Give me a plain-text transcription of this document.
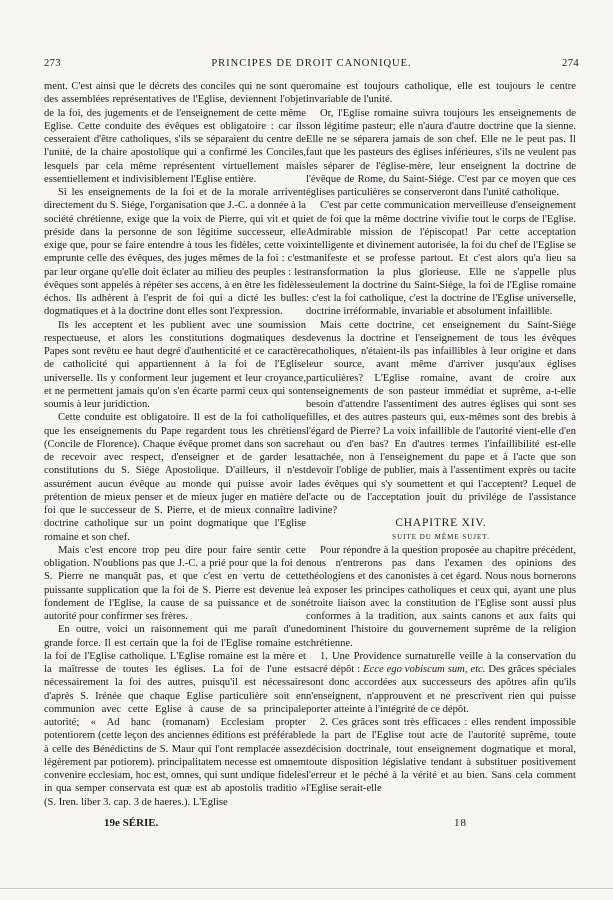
273	PRINCIPES DE DROIT CANONIQUE.	274

ment. C'est ainsi que le décrets des conciles qui ne sont que des assemblées représentatives de l'Eglise, deviennent l'objet de la foi, des jugements et de l'enseignement de cette même Eglise. Cette conduite des évêques est obligatoire : car ils cesseraient d'être catholiques, s'ils se séparaient du centre de l'unité, de la chaire apostolique qui a confirmé les Conciles, lesquels par cela même représentent virtuellement mais essentiellement et indivisiblement l'Eglise entière.

Si les enseignements de la foi et de la morale arrivent directement du S. Siége, l'organisation que J.-C. a donnée à la société chrétienne, exige que la voix de Pierre, qui vit et qui préside dans la personne de son légitime successeur, elle exige que, pour se faire entendre à tous les fidèles, cette voix emprunte celle des évêques, des juges mêmes de la foi : c'est par leur organe qu'elle doit éclater au milieu des peuples : les évêques sont appelés à répéter ses accens, à en être les fidèles échos. Ils adhèrent à l'esprit de foi qui a dicté les bulles dogmatiques et à la doctrine dont elles sont l'expression.

Ils les acceptent et les publient avec une soumission respectueuse, et alors les constitutions dogmatiques des Papes sont revêtu ee haut degré d'authenticité et ce caractère de catholicité qui appartiennent à la foi de l'Eglise universelle. Ils y conforment leur jugement et leur croyance, et ne permettent jamais qu'on s'en écarte parmi ceux qui sont soumis à leur juridiction.

Cette conduite est obligatoire. Il est de la foi catholique que les enseignements du Pape regardent tous les chrétiens (Concile de Florence). Chaque évêque promet dans son sacre de recevoir avec respect, d'enseigner et de garder les constitutions du S. Siége Apostolique. D'ailleurs, il n'est assurément aucun évêque au monde qui puisse avoir la prétention de mieux penser et de mieux juger en matière de foi que le successeur de S. Pierre, et de mieux connaître la doctrine catholique sur un point dogmatique que l'Eglise romaine et son chef.

Mais c'est encore trop peu dire pour faire sentir cette obligation. N'oublions pas que J.-C. a prié pour que la foi de S. Pierre ne manquât pas, et que c'est en vertu de cette puissante supplication que la foi de S. Pierre est devenue le fondement de l'Eglise, la cause de sa puissance et de son autorité pour confirmer ses frères.

En outre, voici un raisonnement qui me paraît d'une grande force. Il est certain que la foi de l'Eglise romaine est la foi de l'Eglise catholique. L'Eglise romaine est la mère et la maîtresse de toutes les églises. La foi de l'une est nécessairement la foi des autres, puisqu'il est nécessaire d'après S. Irénée que chaque Eglise particulière soit en communion avec cette Eglise à cause de sa principale autorité; « Ad hanc (romanam) Ecclesiam propter potentiorem (cette leçon des anciennes éditions est préférable à celle des Bénédictins de S. Maur qui l'ont remplacée assez légèrement par potiorem). principalitatem necesse est omnem convenire ecclesiam, hoc est, omnes, qui sunt undique fideles in qua semper conservata est quæ est ab apostolis traditio » (S. Iren. liber 3. cap. 3 de haeres.). L'Eglise

romaine est toujours catholique, elle est toujours le centre invariable de l'unité.

Or, l'Eglise romaine suivra toujours les enseignements de son légitime pasteur; elle n'aura d'autre doctrine que la sienne. Elle ne se séparera jamais de son chef. Elle ne le peut pas. Il faut que les pasteurs des églises inférieures, s'ils ne veulent pas les séparer de l'église-mère, leur enseignent la doctrine de l'évêque de Rome, du Saint-Siége. C'est par ce moyen que ces églises particulières se conserveront dans l'unité catholique.

C'est par cette communication merveilleuse d'enseignement et de foi que la même doctrine vivifie tout le corps de l'Eglise. Admirable mission de l'épiscopat! Par cette acceptation intelligente et divinement autorisée, la foi du chef de l'Eglise se manifeste et se professe partout. Et c'est alors qu'a lieu sa transformation la plus glorieuse. Elle ne s'appelle plus seulement la doctrine du Saint-Siége, la foi de l'Eglise romaine : c'est la foi catholique, c'est la doctrine de l'Eglise universelle, doctrine irréformable, invariable et absolument infaillible.

Mais cette doctrine, cet enseignement du Saint-Siége devenus la doctrine et l'enseignement de tous les évêques catholiques, n'étaient-ils pas infaillibles à leur origine et dans leur source, avant même d'arriver jusqu'aux églises particulières? L'Eglise romaine, avant de croire aux enseignements de son pasteur immédiat et suprême, a-t-elle besoin d'attendre l'assentiment des autres églises qui sont ses filles, et des autres pasteurs qui, eux-mêmes sont des brebis à l'égard de Pierre? La voix infaillible de l'autorité vient-elle d'en haut ou d'en bas? En d'autres termes l'infaillibilité est-elle attachée, non à l'enseignement du pape et à l'acte que son devoir l'oblige de publier, mais à l'assentiment exprès ou tacite des évêques qui s'y soumettent et qui l'acceptent? Lequel de l'acte ou de l'acceptation jouit du privilége de l'assistance divine?

CHAPITRE XIV.

SUITE DU MÊME SUJET.

Pour répondre à la question proposée au chapitre précédent, nous n'entrerons pas dans l'examen des opinions des théologiens et des canonistes à cet égard. Nous nous bornerons à exposer les principes catholiques et ceux qui, ayant une plus étroite liaison avec la constitution de l'Eglise sont aussi plus conformes à la tradition, aux saints canons et aux faits qui dominent l'histoire du gouvernement suprême de la religion chrétienne.

1. Une Providence surnaturelle veille à la conservation du sacré dépôt : Ecce ego vobiscum sum, etc. Des grâces spéciales sont donc accordées aux successeurs des apôtres afin qu'ils n'enseignent, n'approuvent et ne prescrivent rien qui puisse porter atteinte à l'intégrité de ce dépôt.

2. Ces grâces sont très efficaces : elles rendent impossible de la part de l'Eglise tout acte de l'autorité suprême, toute décision doctrinale, tout enseignement dogmatique et moral, toute disposition législative tendant à substituer positivement l'erreur et le péché à la vérité et au bien. Sans cela comment l'Eglise serait-elle

19e SÉRIE.	18
